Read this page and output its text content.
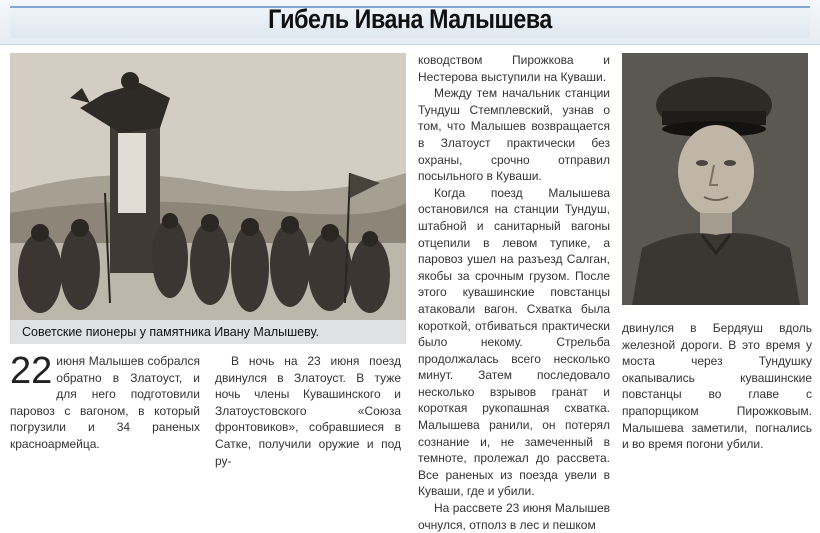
Гибель Ивана Малышева
Советские пионеры у памятника Ивану Малышеву.

22 июня Малышев собрался обратно в Златоуст, и для него подготовили паровоз с вагоном, в который погрузили и 34 раненых красноармейца.

В ночь на 23 июня поезд двинулся в Златоуст. В туже ночь члены Кувашинского и Златоустовского «Союза фронтовиков», собравшиеся в Сатке, получили оружие и под ру-

ководством Пирожкова и Нестерова выступили на Куваши.

Между тем начальник станции Тундуш Стемплевский, узнав о том, что Малышев возвращается в Златоуст практически без охраны, срочно отправил посыльного в Куваши.

Когда поезд Малышева остановился на станции Тундуш, штабной и санитарный вагоны отцепили в левом тупике, а паровоз ушел на разъезд Салган, якобы за срочным грузом. После этого кувашинские повстанцы атаковали вагон. Схватка была короткой, отбиваться практически было некому. Стрельба продолжалась всего несколько минут. Затем последовало несколько взрывов гранат и короткая рукопашная схватка. Малышева ранили, он потерял сознание и, не замеченный в темноте, пролежал до рассвета. Все раненых из поезда увели в Куваши, где и убили.

На рассвете 23 июня Малышев очнулся, отполз в лес и пешком

двинулся в Бердяуш вдоль железной дороги. В это время у моста через Тундушку окапывались кувашинские повстанцы во главе с прапорщиком Пирожковым. Малышева заметили, погнались и во время погони убили.
